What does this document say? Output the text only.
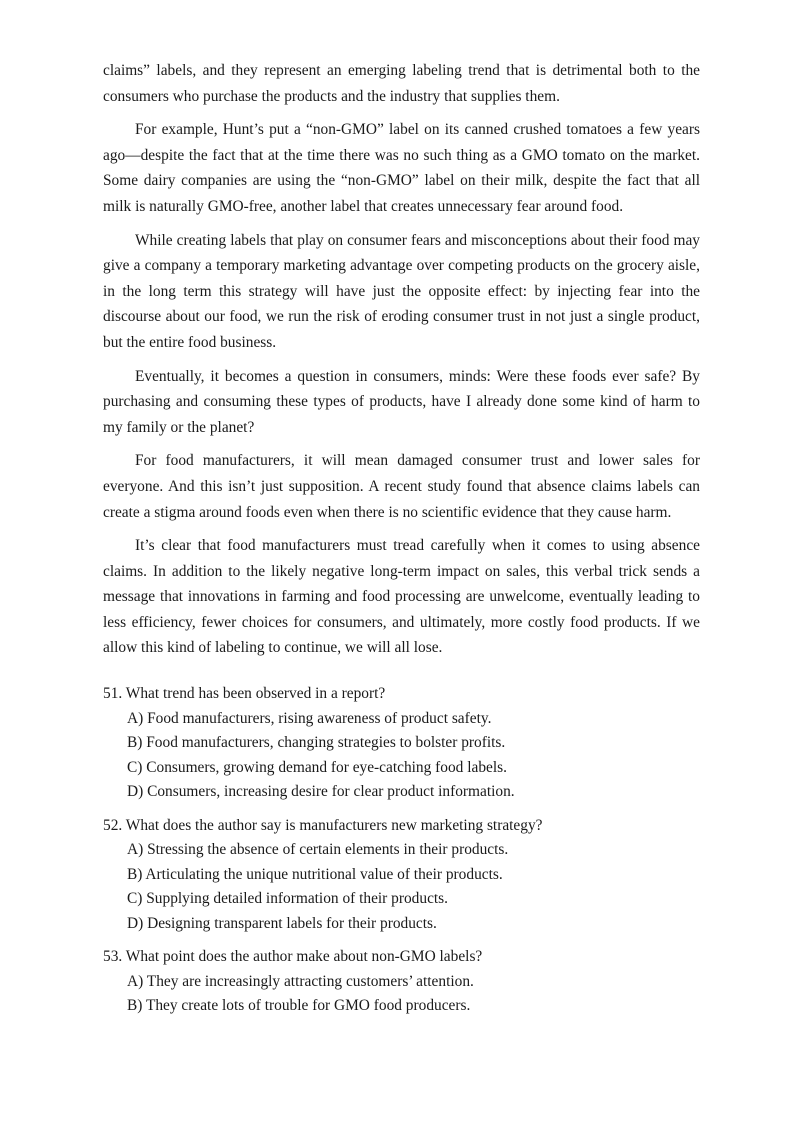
claims” labels, and they represent an emerging labeling trend that is detrimental both to the consumers who purchase the products and the industry that supplies them.

For example, Hunt’s put a “non-GMO” label on its canned crushed tomatoes a few years ago—despite the fact that at the time there was no such thing as a GMO tomato on the market. Some dairy companies are using the “non-GMO” label on their milk, despite the fact that all milk is naturally GMO-free, another label that creates unnecessary fear around food.

While creating labels that play on consumer fears and misconceptions about their food may give a company a temporary marketing advantage over competing products on the grocery aisle, in the long term this strategy will have just the opposite effect: by injecting fear into the discourse about our food, we run the risk of eroding consumer trust in not just a single product, but the entire food business.

Eventually, it becomes a question in consumers, minds: Were these foods ever safe? By purchasing and consuming these types of products, have I already done some kind of harm to my family or the planet?

For food manufacturers, it will mean damaged consumer trust and lower sales for everyone. And this isn’t just supposition. A recent study found that absence claims labels can create a stigma around foods even when there is no scientific evidence that they cause harm.

It’s clear that food manufacturers must tread carefully when it comes to using absence claims. In addition to the likely negative long-term impact on sales, this verbal trick sends a message that innovations in farming and food processing are unwelcome, eventually leading to less efficiency, fewer choices for consumers, and ultimately, more costly food products. If we allow this kind of labeling to continue, we will all lose.

51. What trend has been observed in a report?

A) Food manufacturers, rising awareness of product safety.
B) Food manufacturers, changing strategies to bolster profits.
C) Consumers, growing demand for eye-catching food labels.
D) Consumers, increasing desire for clear product information.

52. What does the author say is manufacturers new marketing strategy?

A) Stressing the absence of certain elements in their products.
B) Articulating the unique nutritional value of their products.
C) Supplying detailed information of their products.
D) Designing transparent labels for their products.

53. What point does the author make about non-GMO labels?

A) They are increasingly attracting customers’ attention.
B) They create lots of trouble for GMO food producers.
